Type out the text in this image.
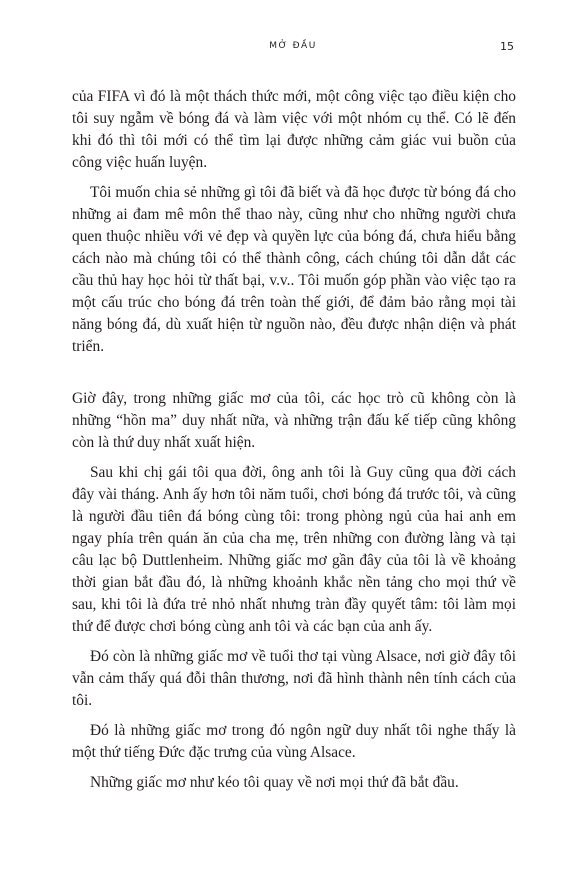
MỞ ĐẦU	15

của FIFA vì đó là một thách thức mới, một công việc tạo điều kiện cho tôi suy ngẫm về bóng đá và làm việc với một nhóm cụ thể. Có lẽ đến khi đó thì tôi mới có thể tìm lại được những cảm giác vui buồn của công việc huấn luyện.

Tôi muốn chia sẻ những gì tôi đã biết và đã học được từ bóng đá cho những ai đam mê môn thể thao này, cũng như cho những người chưa quen thuộc nhiều với vẻ đẹp và quyền lực của bóng đá, chưa hiểu bằng cách nào mà chúng tôi có thể thành công, cách chúng tôi dẫn dắt các cầu thủ hay học hỏi từ thất bại, v.v.. Tôi muốn góp phần vào việc tạo ra một cấu trúc cho bóng đá trên toàn thế giới, để đảm bảo rằng mọi tài năng bóng đá, dù xuất hiện từ nguồn nào, đều được nhận diện và phát triển.

Giờ đây, trong những giấc mơ của tôi, các học trò cũ không còn là những “hồn ma” duy nhất nữa, và những trận đấu kế tiếp cũng không còn là thứ duy nhất xuất hiện.

Sau khi chị gái tôi qua đời, ông anh tôi là Guy cũng qua đời cách đây vài tháng. Anh ấy hơn tôi năm tuổi, chơi bóng đá trước tôi, và cũng là người đầu tiên đá bóng cùng tôi: trong phòng ngủ của hai anh em ngay phía trên quán ăn của cha mẹ, trên những con đường làng và tại câu lạc bộ Duttlenheim. Những giấc mơ gần đây của tôi là về khoảng thời gian bắt đầu đó, là những khoảnh khắc nền tảng cho mọi thứ về sau, khi tôi là đứa trẻ nhỏ nhất nhưng tràn đầy quyết tâm: tôi làm mọi thứ để được chơi bóng cùng anh tôi và các bạn của anh ấy.

Đó còn là những giấc mơ về tuổi thơ tại vùng Alsace, nơi giờ đây tôi vẫn cảm thấy quá đỗi thân thương, nơi đã hình thành nên tính cách của tôi.

Đó là những giấc mơ trong đó ngôn ngữ duy nhất tôi nghe thấy là một thứ tiếng Đức đặc trưng của vùng Alsace.

Những giấc mơ như kéo tôi quay về nơi mọi thứ đã bắt đầu.
